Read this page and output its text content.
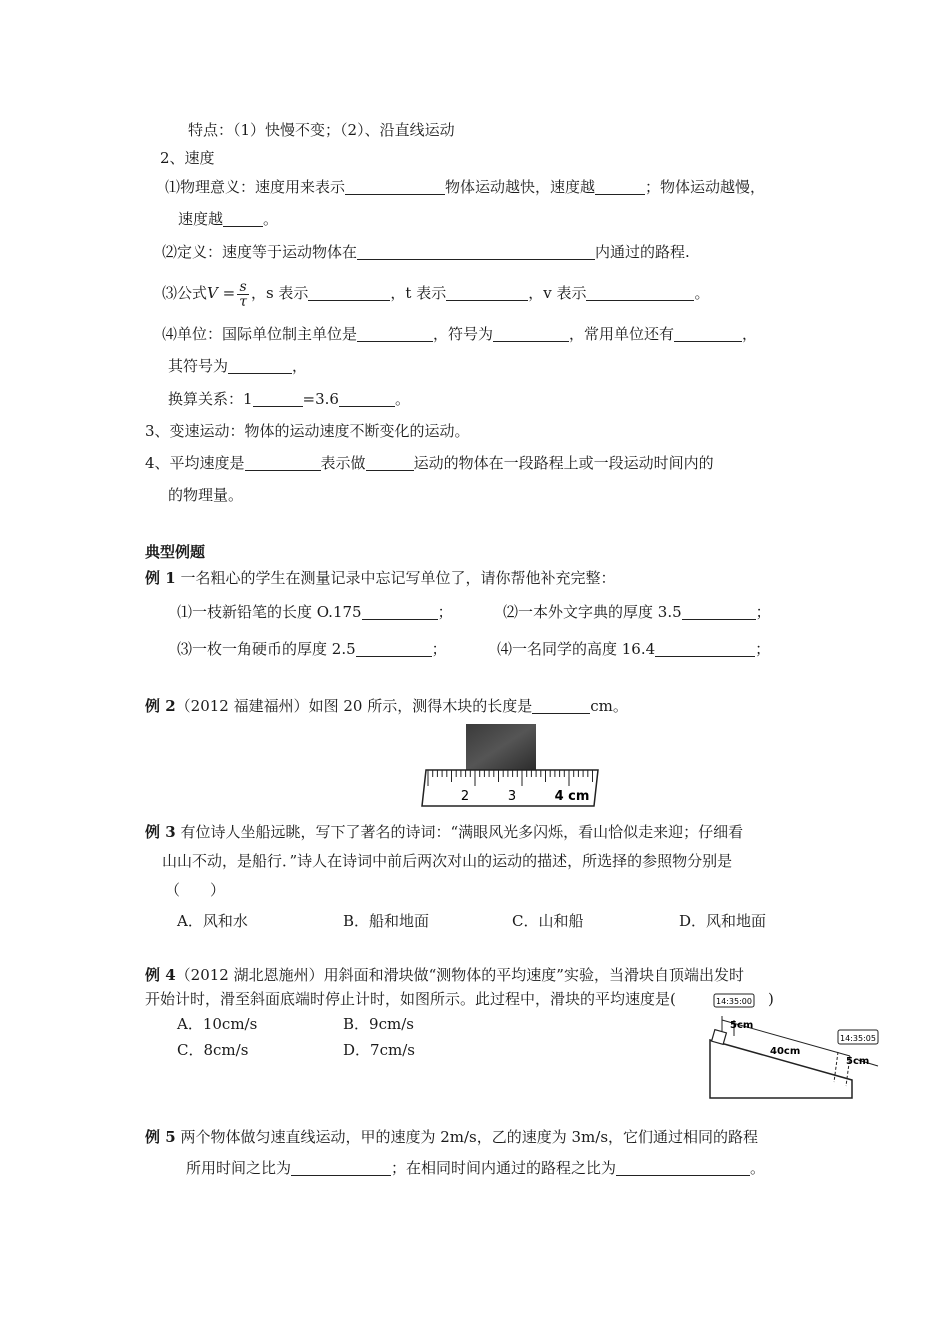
特点：（1）快慢不变；（2）、沿直线运动
2、速度
⑴物理意义：速度用来表示	物体运动越快，速度越	；物体运动越慢，
速度越	。
⑵定义：速度等于运动物体在	内通过的路程.
⑶公式$V = \frac{s}{\tau}$ ，s 表示	，t 表示	，v 表示	。
⑷单位：国际单位制主单位是	，符号为	，常用单位还有	，
其符号为	，
换算关系：1	=3.6	。
3、变速运动：物体的运动速度不断变化的运动。
4、平均速度是	表示做	运动的物体在一段路程上或一段运动时间内的
的物理量。
典型例题
例 1 一名粗心的学生在测量记录中忘记写单位了，请你帮他补充完整：
⑴一枝新铅笔的长度 O.175	；	⑵一本外文字典的厚度 3.5	；
⑶一枚一角硬币的厚度 2.5	；	⑷一名同学的高度 16.4	；
例 2（2012 福建福州）如图 20 所示，测得木块的长度是	cm。
2	3	4 cm
例 3 有位诗人坐船远眺，写下了著名的诗词：“满眼风光多闪烁，看山恰似走来迎；仔细看
山山不动，是船行．”诗人在诗词中前后两次对山的运动的描述，所选择的参照物分别是
（　　）
A．风和水	B．船和地面	C．山和船	D．风和地面
例 4（2012 湖北恩施州）用斜面和滑块做“测物体的平均速度”实验，当滑块自顶端出发时
开始计时，滑至斜面底端时停止计时，如图所示。此过程中，滑块的平均速度是(	)
A．10cm/s	B．9cm/s
C．8cm/s	D．7cm/s
14:35:00
14:35:05
5cm
40cm
5cm
例 5 两个物体做匀速直线运动，甲的速度为 2m/s，乙的速度为 3m/s，它们通过相同的路程
所用时间之比为	；在相同时间内通过的路程之比为	。
